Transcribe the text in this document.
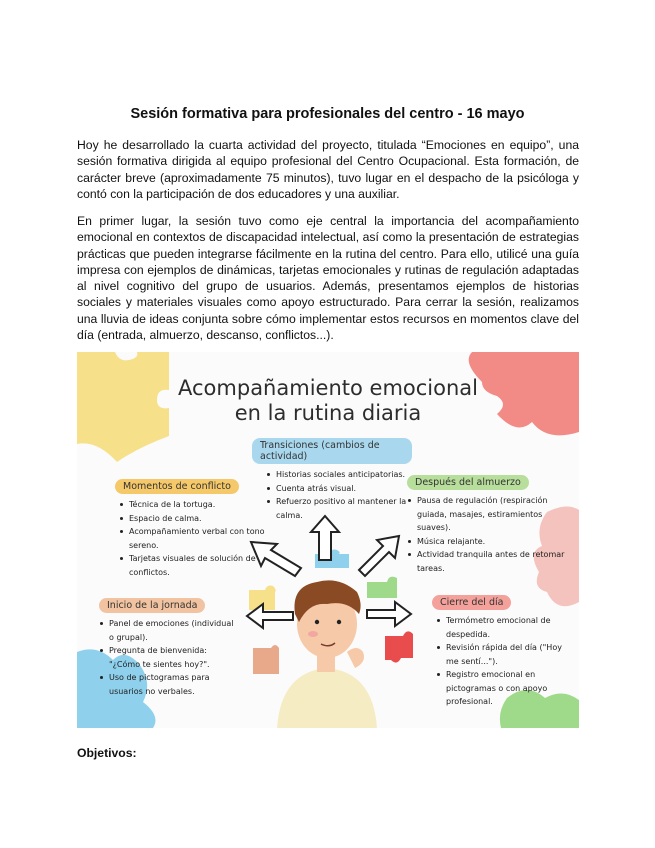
Sesión formativa para profesionales del centro - 16 mayo

Hoy he desarrollado la cuarta actividad del proyecto, titulada “Emociones en equipo”, una sesión formativa dirigida al equipo profesional del Centro Ocupacional. Esta formación, de carácter breve (aproximadamente 75 minutos), tuvo lugar en el despacho de la psicóloga y contó con la participación de dos educadores y una auxiliar.

En primer lugar, la sesión tuvo como eje central la importancia del acompañamiento emocional en contextos de discapacidad intelectual, así como la presentación de estrategias prácticas que pueden integrarse fácilmente en la rutina del centro. Para ello, utilicé una guía impresa con ejemplos de dinámicas, tarjetas emocionales y rutinas de regulación adaptadas al nivel cognitivo del grupo de usuarios. Además, presentamos ejemplos de historias sociales y materiales visuales como apoyo estructurado. Para cerrar la sesión, realizamos una lluvia de ideas conjunta sobre cómo implementar estos recursos en momentos clave del día (entrada, almuerzo, descanso, conflictos...).

Acompañamiento emocional
en la rutina diaria
Transiciones (cambios de actividad)
Historias sociales anticipatorias.
Cuenta atrás visual.
Refuerzo positivo al mantener la calma.
Momentos de conflicto
Técnica de la tortuga.
Espacio de calma.
Acompañamiento verbal con tono sereno.
Tarjetas visuales de solución de conflictos.
Después del almuerzo
Pausa de regulación (respiración guiada, masajes, estiramientos suaves).
Música relajante.
Actividad tranquila antes de retomar tareas.
Inicio de la jornada
Panel de emociones (individual o grupal).
Pregunta de bienvenida: "¿Cómo te sientes hoy?".
Uso de pictogramas para usuarios no verbales.
Cierre del día
Termómetro emocional de despedida.
Revisión rápida del día ("Hoy me sentí...").
Registro emocional en pictogramas o con apoyo profesional.
Objetivos:
